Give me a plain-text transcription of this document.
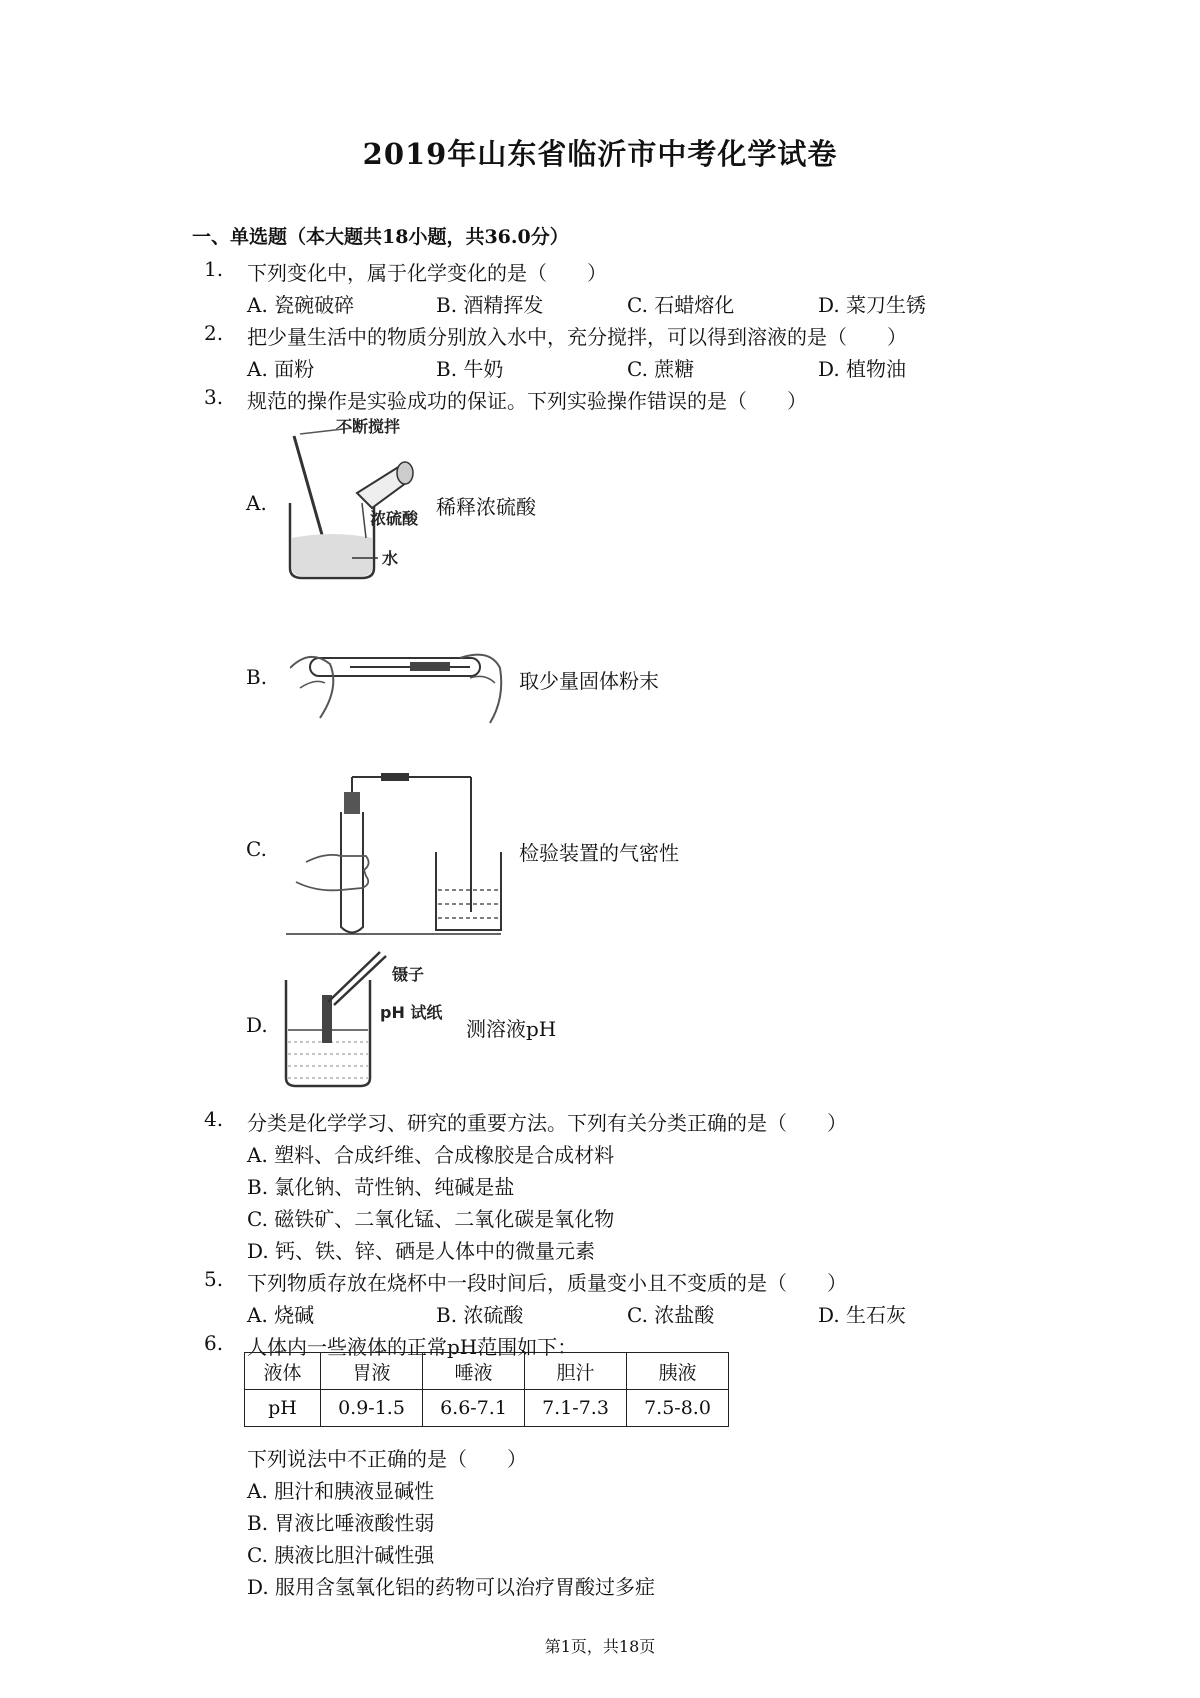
2019年山东省临沂市中考化学试卷
一、单选题（本大题共18小题，共36.0分）
1. 下列变化中，属于化学变化的是（　　）
A. 瓷碗破碎	B. 酒精挥发	C. 石蜡熔化	D. 菜刀生锈
2. 把少量生活中的物质分别放入水中，充分搅拌，可以得到溶液的是（　　）
A. 面粉	B. 牛奶	C. 蔗糖	D. 植物油
3. 规范的操作是实验成功的保证。下列实验操作错误的是（　　）
A.
不断搅拌
浓硫酸
水
稀释浓硫酸
B.	取少量固体粉末
C.	检验装置的气密性
D.
镊子
pH 试纸
测溶液pH
4. 分类是化学学习、研究的重要方法。下列有关分类正确的是（　　）
A. 塑料、合成纤维、合成橡胶是合成材料
B. 氯化钠、苛性钠、纯碱是盐
C. 磁铁矿、二氧化锰、二氧化碳是氧化物
D. 钙、铁、锌、硒是人体中的微量元素
5. 下列物质存放在烧杯中一段时间后，质量变小且不变质的是（　　）
A. 烧碱	B. 浓硫酸	C. 浓盐酸	D. 生石灰
6. 人体内一些液体的正常pH范围如下：
液体	胃液	唾液	胆汁	胰液
pH	0.9-1.5	6.6-7.1	7.1-7.3	7.5-8.0
下列说法中不正确的是（　　）
A. 胆汁和胰液显碱性
B. 胃液比唾液酸性弱
C. 胰液比胆汁碱性强
D. 服用含氢氧化铝的药物可以治疗胃酸过多症
第1页，共18页
